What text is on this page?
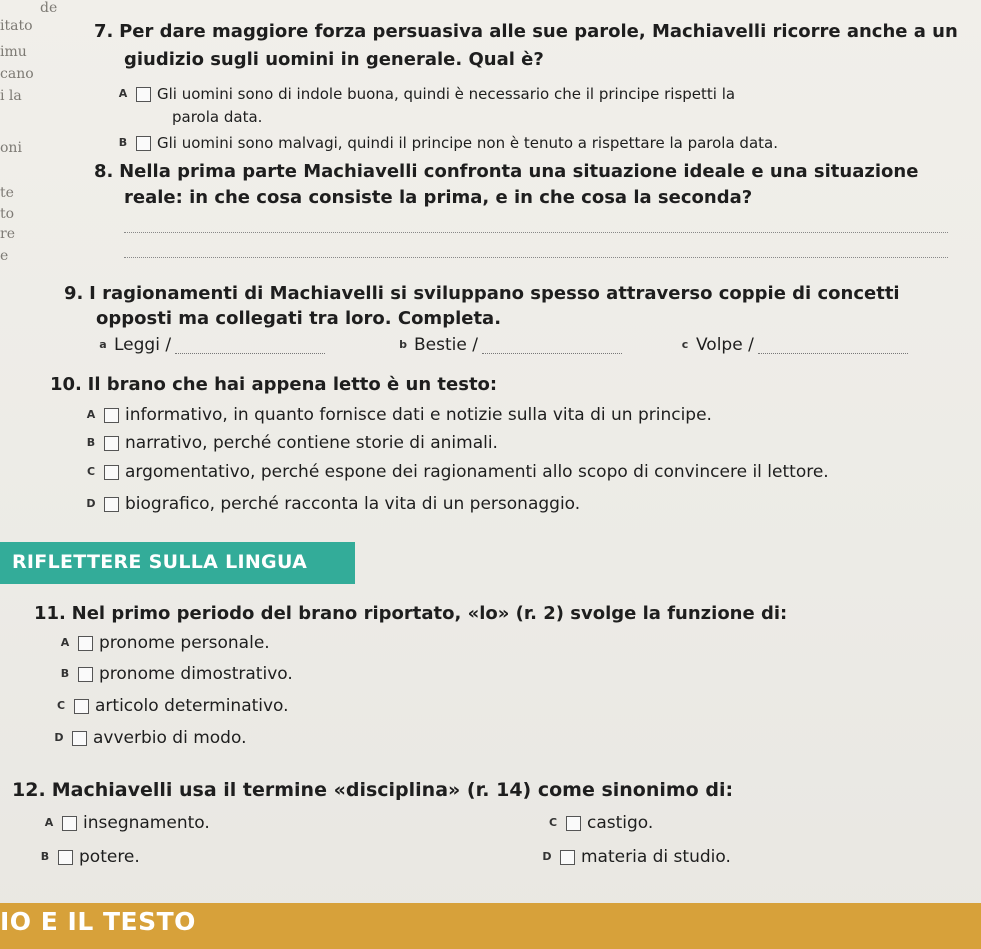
de
itato
imu
cano
i la
oni
te
to
re
e
7. Per dare maggiore forza persuasiva alle sue parole, Machiavelli ricorre anche a un
giudizio sugli uomini in generale. Qual è?
A	Gli uomini sono di indole buona, quindi è necessario che il principe rispetti la
parola data.
B	Gli uomini sono malvagi, quindi il principe non è tenuto a rispettare la parola data.
8. Nella prima parte Machiavelli confronta una situazione ideale e una situazione
reale: in che cosa consiste la prima, e in che cosa la seconda?
9. I ragionamenti di Machiavelli si sviluppano spesso attraverso coppie di concetti
opposti ma collegati tra loro. Completa.
a Leggi /	b Bestie /	c Volpe /
10. Il brano che hai appena letto è un testo:
A	informativo, in quanto fornisce dati e notizie sulla vita di un principe.
B	narrativo, perché contiene storie di animali.
C	argomentativo, perché espone dei ragionamenti allo scopo di convincere il lettore.
D	biografico, perché racconta la vita di un personaggio.
RIFLETTERE SULLA LINGUA
11. Nel primo periodo del brano riportato, «lo» (r. 2) svolge la funzione di:
A	pronome personale.
B	pronome dimostrativo.
C	articolo determinativo.
D	avverbio di modo.
12. Machiavelli usa il termine «disciplina» (r. 14) come sinonimo di:
A	insegnamento.	C	castigo.
B	potere.	D	materia di studio.
IO E IL TESTO
